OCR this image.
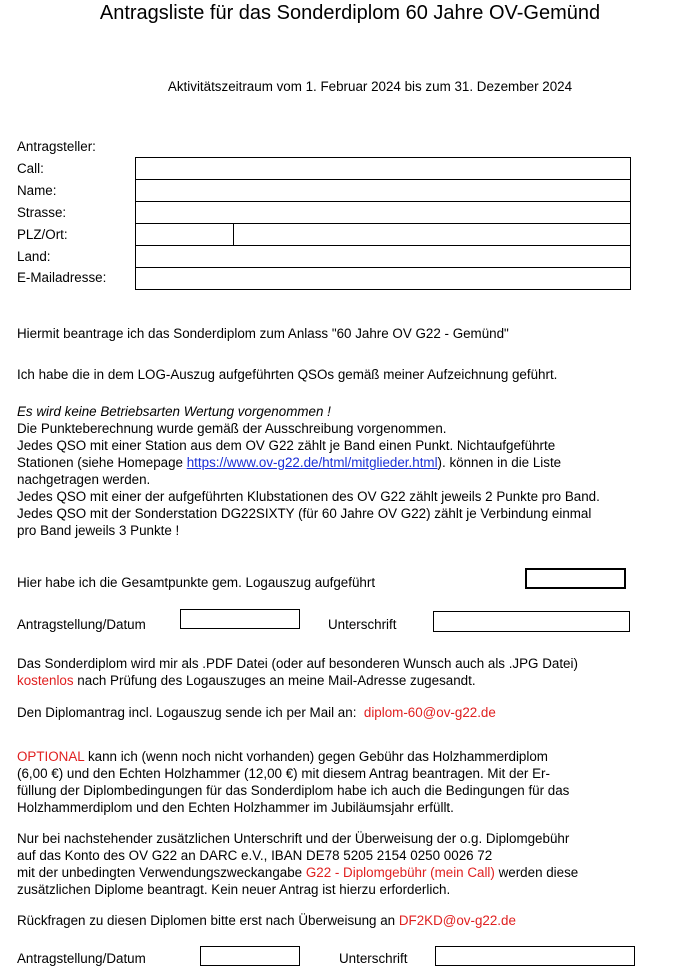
Antragsliste für das Sonderdiplom 60 Jahre OV-Gemünd
Aktivitätszeitraum vom 1. Februar 2024 bis zum 31. Dezember 2024
Antragsteller:
Call:
Name:
Strasse:
PLZ/Ort:
Land:
E-Mailadresse:
Hiermit beantrage ich das Sonderdiplom zum Anlass "60 Jahre OV G22 - Gemünd"
Ich habe die in dem LOG-Auszug aufgeführten QSOs gemäß meiner Aufzeichnung geführt.
Es wird keine Betriebsarten Wertung vorgenommen !
Die Punkteberechnung wurde gemäß der Ausschreibung vorgenommen.
Jedes QSO mit einer Station aus dem OV G22 zählt je Band einen Punkt. Nichtaufgeführte
Stationen (siehe Homepage https://www.ov-g22.de/html/mitglieder.html). können in die Liste
nachgetragen werden.
Jedes QSO mit einer der aufgeführten Klubstationen des OV G22 zählt jeweils 2 Punkte pro Band.
Jedes QSO mit der Sonderstation DG22SIXTY (für 60 Jahre OV G22) zählt je Verbindung einmal
pro Band jeweils 3 Punkte !
Hier habe ich die Gesamtpunkte gem. Logauszug aufgeführt
Antragstellung/Datum	Unterschrift
Das Sonderdiplom wird mir als .PDF Datei (oder auf besonderen Wunsch auch als .JPG Datei)
kostenlos nach Prüfung des Logauszuges an meine Mail-Adresse zugesandt.
Den Diplomantrag incl. Logauszug sende ich per Mail an: diplom-60@ov-g22.de
OPTIONAL kann ich (wenn noch nicht vorhanden) gegen Gebühr das Holzhammerdiplom
(6,00 €) und den Echten Holzhammer (12,00 €) mit diesem Antrag beantragen. Mit der Er-
füllung der Diplombedingungen für das Sonderdiplom habe ich auch die Bedingungen für das
Holzhammerdiplom und den Echten Holzhammer im Jubiläumsjahr erfüllt.
Nur bei nachstehender zusätzlichen Unterschrift und der Überweisung der o.g. Diplomgebühr
auf das Konto des OV G22 an DARC e.V., IBAN DE78 5205 2154 0250 0026 72
mit der unbedingten Verwendungszweckangabe G22 - Diplomgebühr (mein Call) werden diese
zusätzlichen Diplome beantragt. Kein neuer Antrag ist hierzu erforderlich.
Rückfragen zu diesen Diplomen bitte erst nach Überweisung an DF2KD@ov-g22.de
Antragstellung/Datum	Unterschrift
